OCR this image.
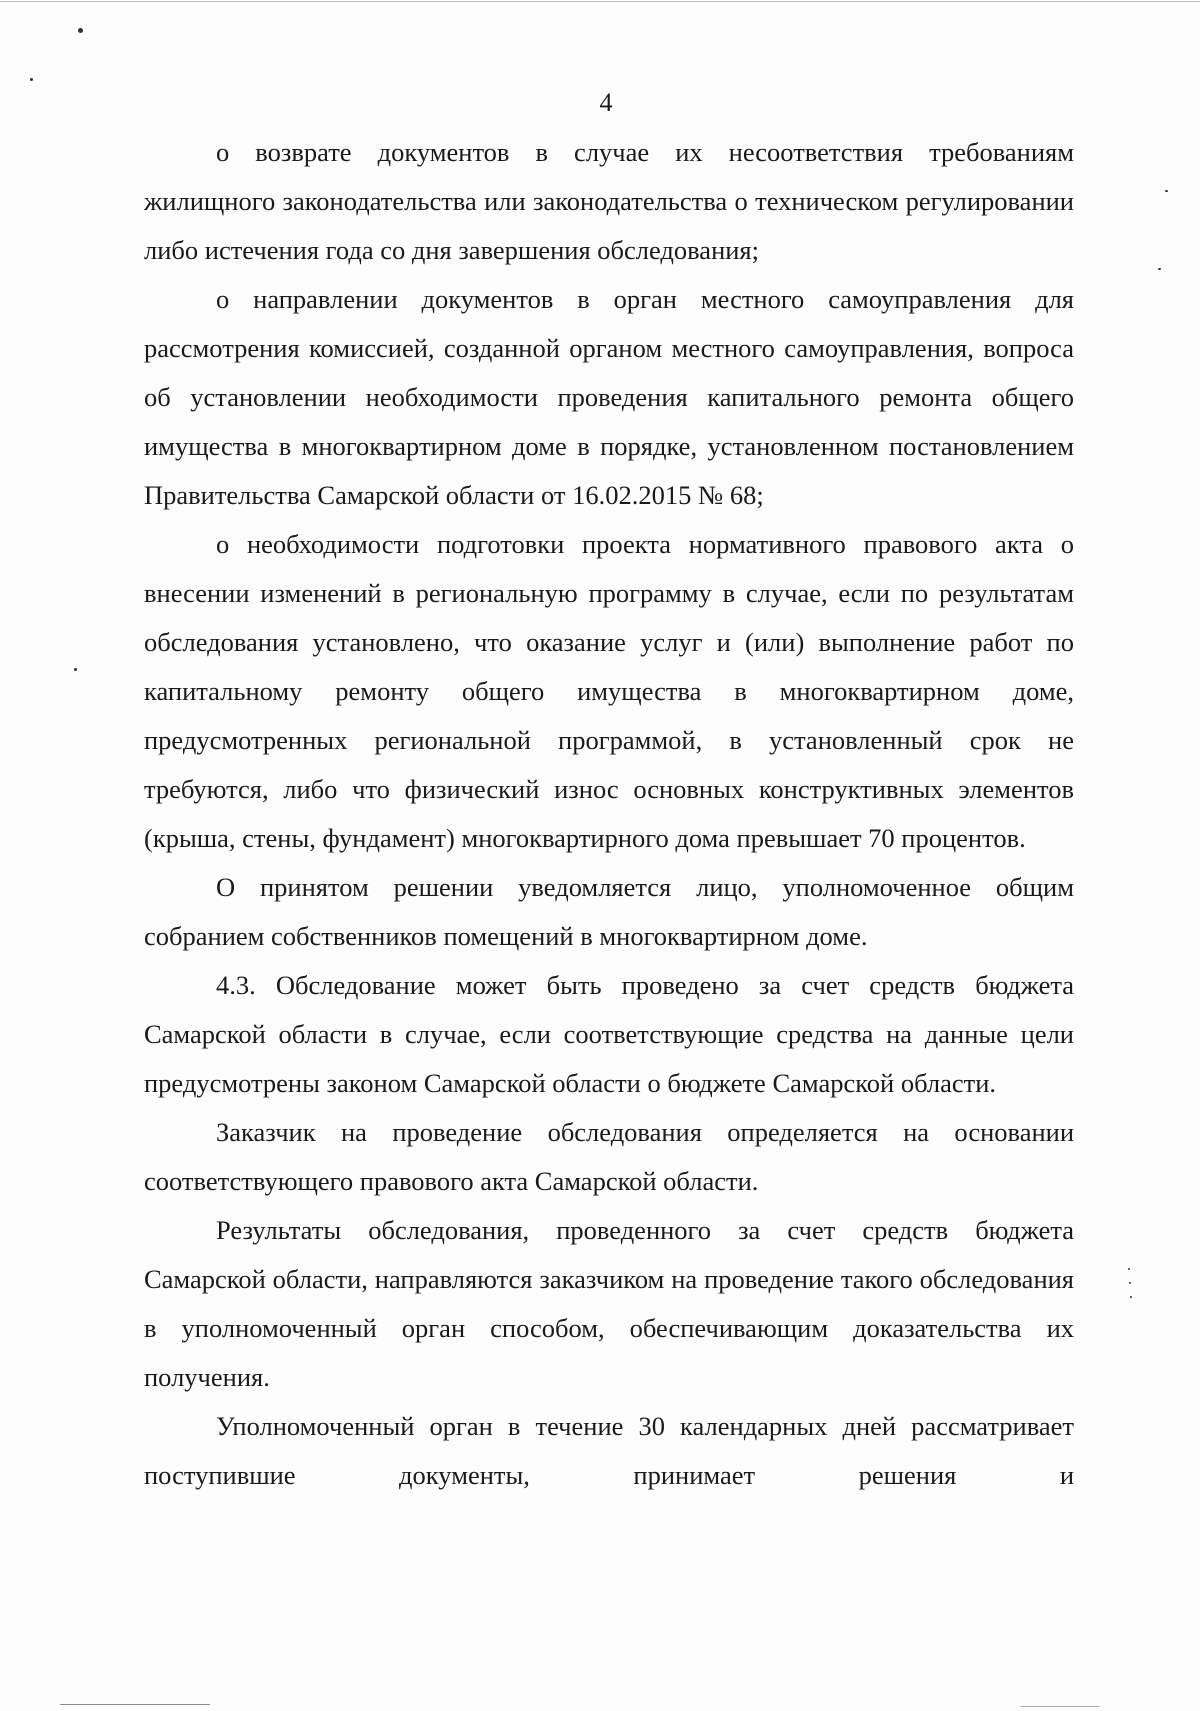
4

о возврате документов в случае их несоответствия требованиям жилищного законодательства или законодательства о техническом регулировании либо истечения года со дня завершения обследования;

о направлении документов в орган местного самоуправления для рассмотрения комиссией, созданной органом местного самоуправления, вопроса об установлении необходимости проведения капитального ремонта общего имущества в многоквартирном доме в порядке, установленном постановлением Правительства Самарской области от 16.02.2015 № 68;

о необходимости подготовки проекта нормативного правового акта о внесении изменений в региональную программу в случае, если по результатам обследования установлено, что оказание услуг и (или) выполнение работ по капитальному ремонту общего имущества в многоквартирном доме, предусмотренных региональной программой, в установленный срок не требуются, либо что физический износ основных конструктивных элементов (крыша, стены, фундамент) многоквартирного дома превышает 70 процентов.

О принятом решении уведомляется лицо, уполномоченное общим собранием собственников помещений в многоквартирном доме.

4.3. Обследование может быть проведено за счет средств бюджета Самарской области в случае, если соответствующие средства на данные цели предусмотрены законом Самарской области о бюджете Самарской области.

Заказчик на проведение обследования определяется на основании соответствующего правового акта Самарской области.

Результаты обследования, проведенного за счет средств бюджета Самарской области, направляются заказчиком на проведение такого обследования в уполномоченный орган способом, обеспечивающим доказательства их получения.

Уполномоченный орган в течение 30 календарных дней рассматривает поступившие документы, принимает решения и
